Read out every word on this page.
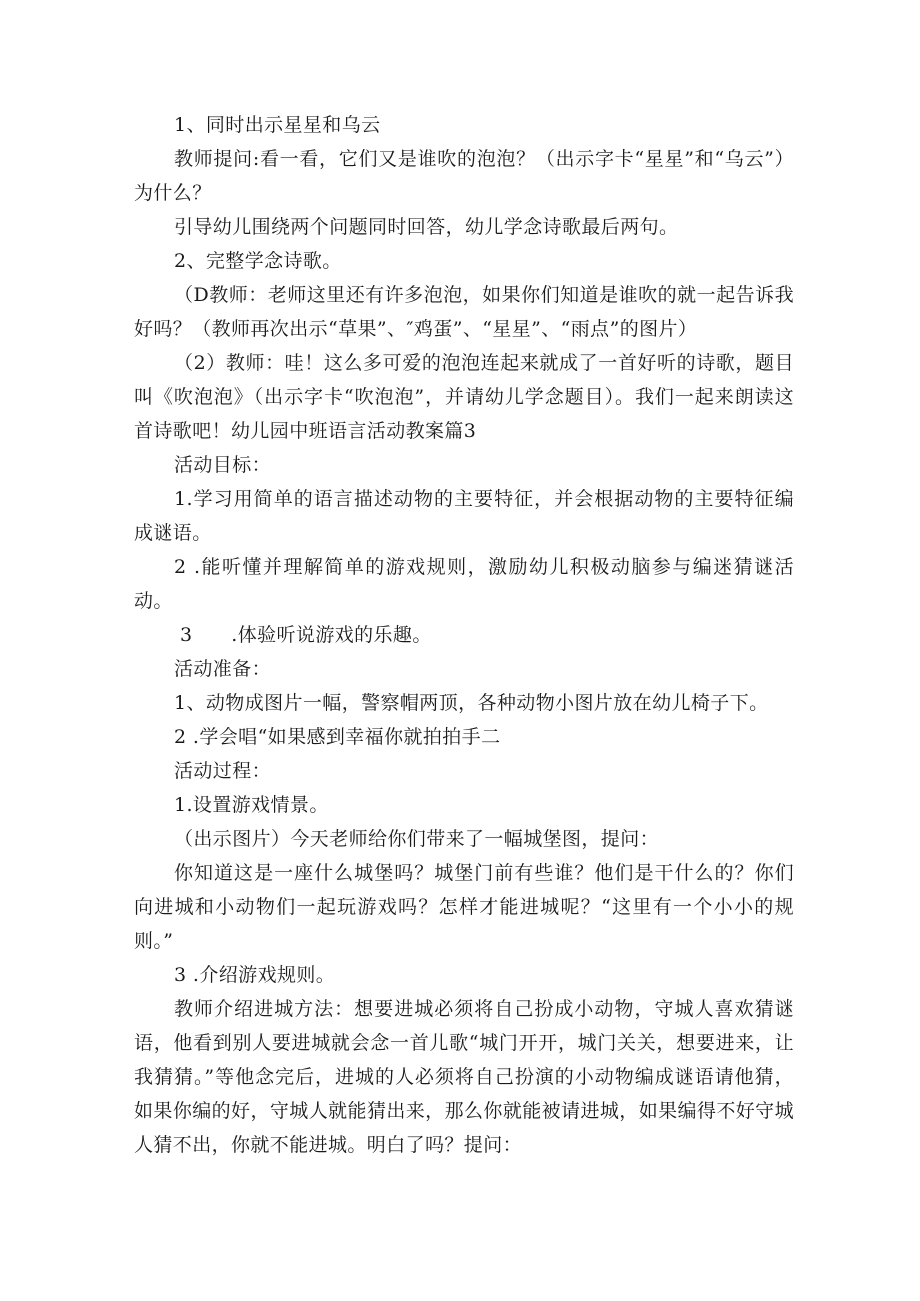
1、同时出示星星和乌云

教师提问:看一看，它们又是谁吹的泡泡？（出示字卡“星星”和“乌云”）为什么？

引导幼儿围绕两个问题同时回答，幼儿学念诗歌最后两句。

2、完整学念诗歌。

（D教师：老师这里还有许多泡泡，如果你们知道是谁吹的就一起告诉我好吗？（教师再次出示“草果”、″鸡蛋”、“星星”、“雨点”的图片）

（2）教师：哇！这么多可爱的泡泡连起来就成了一首好听的诗歌，题目叫《吹泡泡》（出示字卡“吹泡泡”，并请幼儿学念题目）。我们一起来朗读这首诗歌吧！幼儿园中班语言活动教案篇3

活动目标：

1.学习用简单的语言描述动物的主要特征，并会根据动物的主要特征编成谜语。

2 .能听懂并理解简单的游戏规则，激励幼儿积极动脑参与编迷猜谜活动。

3　　.体验听说游戏的乐趣。

活动准备：

1、动物成图片一幅，警察帽两顶，各种动物小图片放在幼儿椅子下。

2 .学会唱“如果感到幸福你就拍拍手二

活动过程：

1.设置游戏情景。

（出示图片）今天老师给你们带来了一幅城堡图，提问：

你知道这是一座什么城堡吗？城堡门前有些谁？他们是干什么的？你们向进城和小动物们一起玩游戏吗？怎样才能进城呢？“这里有一个小小的规则。”

3 .介绍游戏规则。

教师介绍进城方法：想要进城必须将自己扮成小动物，守城人喜欢猜谜语，他看到别人要进城就会念一首儿歌“城门开开，城门关关，想要进来，让我猜猜。”等他念完后，进城的人必须将自己扮演的小动物编成谜语请他猜，如果你编的好，守城人就能猜出来，那么你就能被请进城，如果编得不好守城人猜不出，你就不能进城。明白了吗？提问：
